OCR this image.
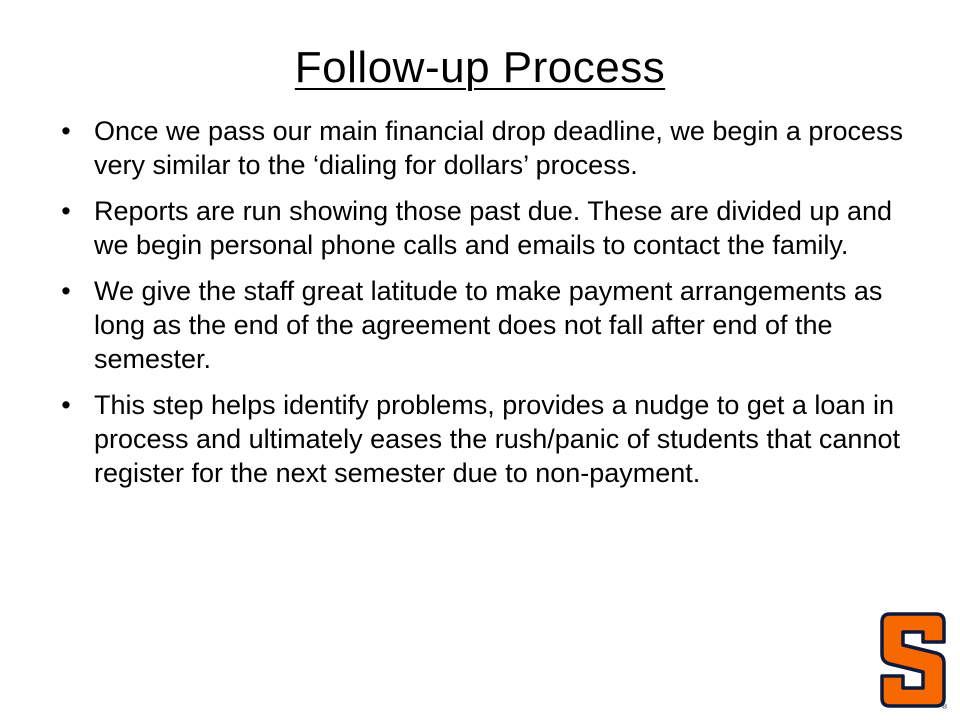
Follow-up Process
• Once we pass our main financial drop deadline, we begin a process very similar to the ‘dialing for dollars’ process.
• Reports are run showing those past due. These are divided up and we begin personal phone calls and emails to contact the family.
• We give the staff great latitude to make payment arrangements as long as the end of the agreement does not fall after end of the semester.
• This step helps identify problems, provides a nudge to get a loan in process and ultimately eases the rush/panic of students that cannot register for the next semester due to non-payment.
®
